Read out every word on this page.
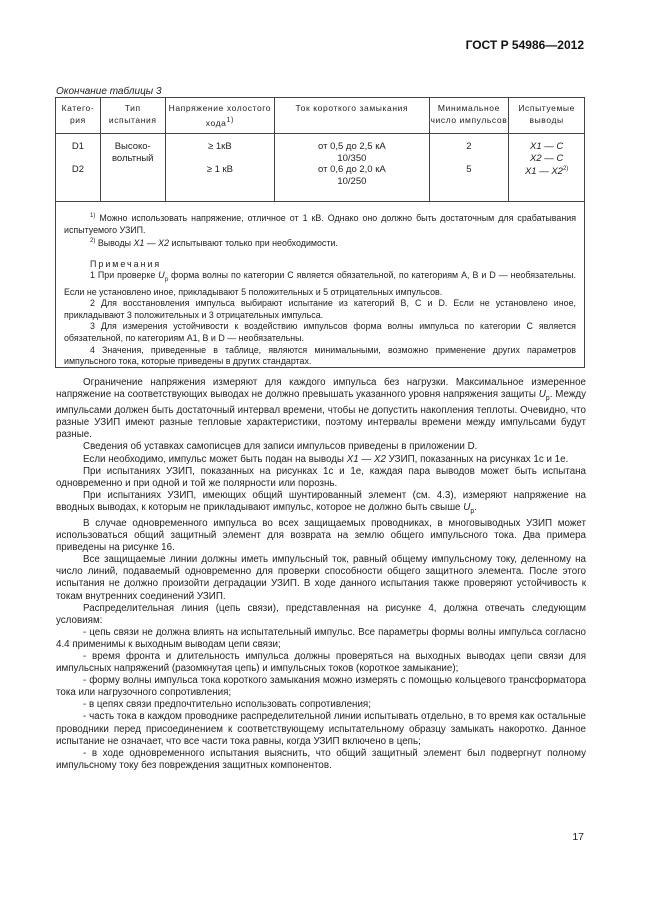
ГОСТ Р 54986—2012
Окончание таблицы 3
Катего-рия
Тип испытания
Напряжение холостого хода$^{1)}$
Ток короткого замыкания	Минимальное число импульсов
Испытуемые выводы
D1

D2
Высоко-
вольтный
≥ 1кВ

≥ 1 кВ
от 0,5 до 2,5 кА
10/350
от 0,6 до 2,0 кА
10/250
2

5
X1 — C
X2 — C
X1 — X2$^{2)}$

$^{1)}$ Можно использовать напряжение, отличное от 1 кВ. Однако оно должно быть достаточным для срабатывания испытуемого УЗИП.

$^{2)}$ Выводы X1 — X2 испытывают только при необходимости.

Примечания

1 При проверке $U_p$ форма волны по категории С является обязательной, по категориям А, В и D — необязательны. Если не установлено иное, прикладывают 5 положительных и 5 отрицательных импульсов.

2 Для восстановления импульса выбирают испытание из категорий В, С и D. Если не установлено иное, прикладывают 3 положительных и 3 отрицательных импульса.

3 Для измерения устойчивости к воздействию импульсов форма волны импульса по категории С является обязательной, по категориям А1, В и D — необязательны.

4 Значения, приведенные в таблице, являются минимальными, возможно применение других параметров импульсного тока, которые приведены в других стандартах.

Ограничение напряжения измеряют для каждого импульса без нагрузки. Максимальное измеренное напряжение на соответствующих выводах не должно превышать указанного уровня напряжения защиты $U_p$. Между импульсами должен быть достаточный интервал времени, чтобы не допустить накопления теплоты. Очевидно, что разные УЗИП имеют разные тепловые характеристики, поэтому интервалы времени между импульсами будут разные.

Сведения об уставках самописцев для записи импульсов приведены в приложении D.

Если необходимо, импульс может быть подан на выводы X1 — X2 УЗИП, показанных на рисунках 1с и 1е.

При испытаниях УЗИП, показанных на рисунках 1с и 1е, каждая пара выводов может быть испытана одновременно и при одной и той же полярности или порознь.

При испытаниях УЗИП, имеющих общий шунтированный элемент (см. 4.3), измеряют напряжение на вводных выводах, к которым не прикладывают импульс, которое не должно быть свыше $U_p$.

В случае одновременного импульса во всех защищаемых проводниках, в многовыводных УЗИП может использоваться общий защитный элемент для возврата на землю общего импульсного тока. Два примера приведены на рисунке 16.

Все защищаемые линии должны иметь импульсный ток, равный общему импульсному току, деленному на число линий, подаваемый одновременно для проверки способности общего защитного элемента. После этого испытания не должно произойти деградации УЗИП. В ходе данного испытания также проверяют устойчивость к токам внутренних соединений УЗИП.

Распределительная линия (цепь связи), представленная на рисунке 4, должна отвечать следующим условиям:

- цепь связи не должна влиять на испытательный импульс. Все параметры формы волны импульса согласно 4.4 применимы к выходным выводам цепи связи;

- время фронта и длительность импульса должны проверяться на выходных выводах цепи связи для импульсных напряжений (разомкнутая цепь) и импульсных токов (короткое замыкание);

- форму волны импульса тока короткого замыкания можно измерять с помощью кольцевого трансформатора тока или нагрузочного сопротивления;

- в цепях связи предпочтительно использовать сопротивления;

- часть тока в каждом проводнике распределительной линии испытывать отдельно, в то время как остальные проводники перед присоединением к соответствующему испытательному образцу замыкать накоротко. Данное испытание не означает, что все части тока равны, когда УЗИП включено в цепь;

- в ходе одновременного испытания выяснить, что общий защитный элемент был подвергнут полному импульсному току без повреждения защитных компонентов.

17
